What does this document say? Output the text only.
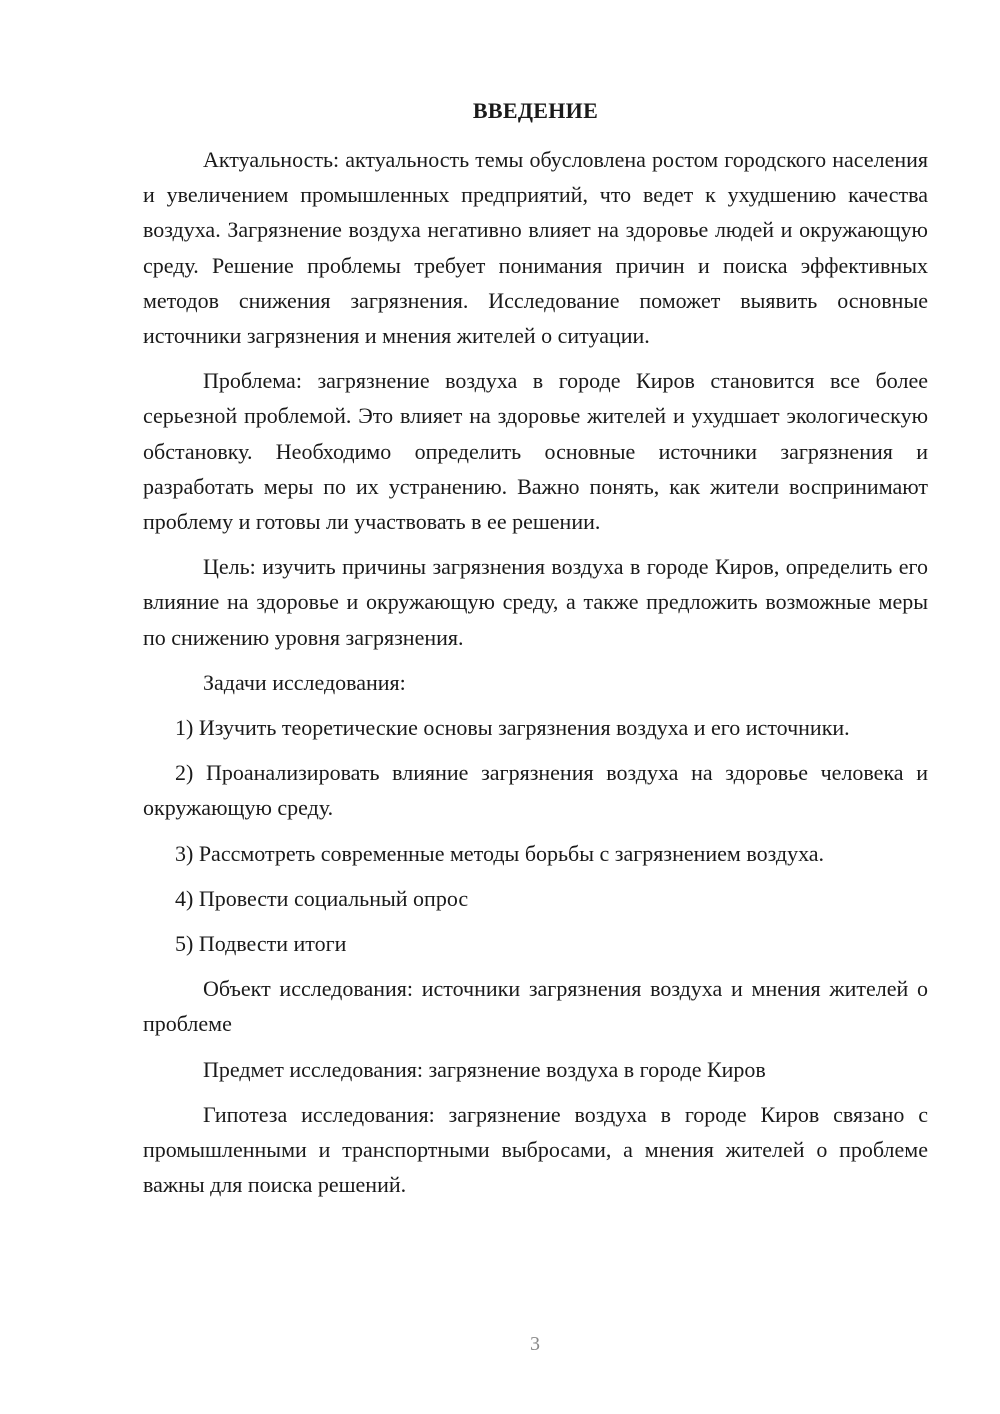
ВВЕДЕНИЕ

Актуальность: актуальность темы обусловлена ростом городского населения и увеличением промышленных предприятий, что ведет к ухудшению качества воздуха. Загрязнение воздуха негативно влияет на здоровье людей и окружающую среду. Решение проблемы требует понимания причин и поиска эффективных методов снижения загрязнения. Исследование поможет выявить основные источники загрязнения и мнения жителей о ситуации.

Проблема: загрязнение воздуха в городе Киров становится все более серьезной проблемой. Это влияет на здоровье жителей и ухудшает экологическую обстановку. Необходимо определить основные источники загрязнения и разработать меры по их устранению. Важно понять, как жители воспринимают проблему и готовы ли участвовать в ее решении.

Цель: изучить причины загрязнения воздуха в городе Киров, определить его влияние на здоровье и окружающую среду, а также предложить возможные меры по снижению уровня загрязнения.

Задачи исследования:

1) Изучить теоретические основы загрязнения воздуха и его источники.

2) Проанализировать влияние загрязнения воздуха на здоровье человека и окружающую среду.

3) Рассмотреть современные методы борьбы с загрязнением воздуха.

4) Провести социальный опрос

5) Подвести итоги

Объект исследования: источники загрязнения воздуха и мнения жителей о проблеме

Предмет исследования: загрязнение воздуха в городе Киров

Гипотеза исследования: загрязнение воздуха в городе Киров связано с промышленными и транспортными выбросами, а мнения жителей о проблеме важны для поиска решений.

3
